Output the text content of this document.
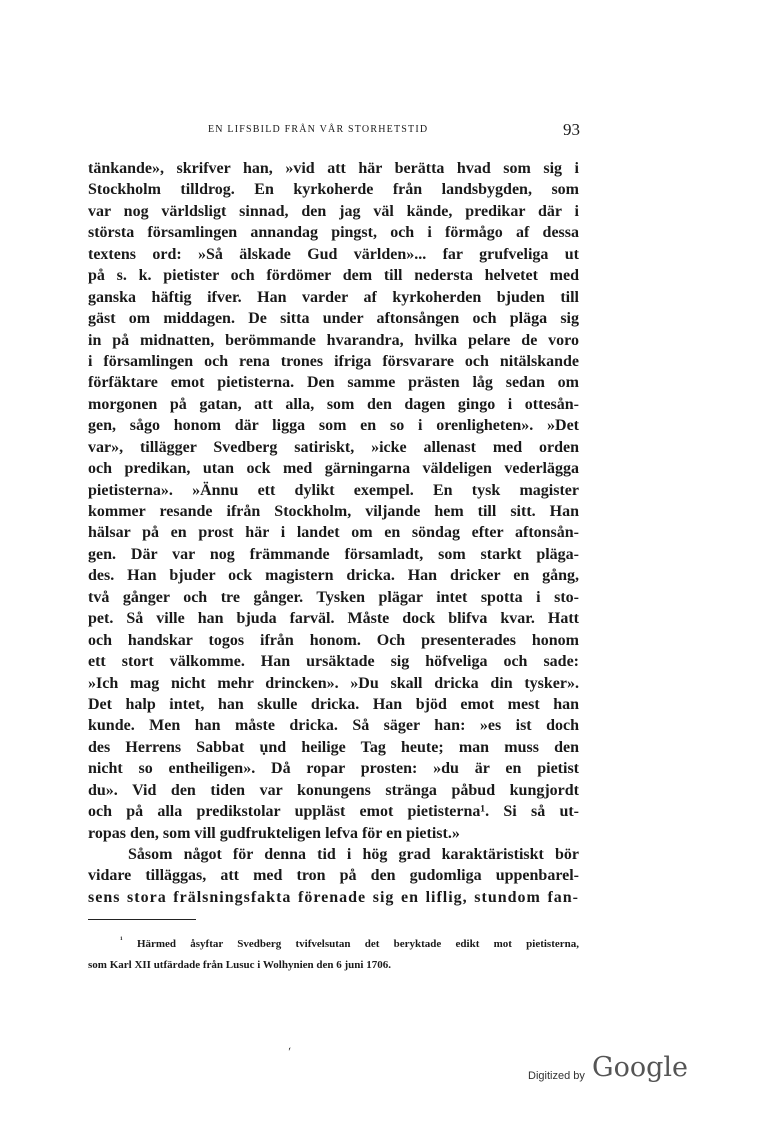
EN LIFSBILD FRÅN VÅR STORHETSTID	93
tänkande», skrifver han, »vid att här berätta hvad som sig i
Stockholm tilldrog. En kyrkoherde från landsbygden, som
var nog världsligt sinnad, den jag väl kände, predikar där i
största församlingen annandag pingst, och i förmågo af dessa
textens ord: »Så älskade Gud världen»... far grufveliga ut
på s. k. pietister och fördömer dem till nedersta helvetet med
ganska häftig ifver. Han varder af kyrkoherden bjuden till
gäst om middagen. De sitta under aftonsången och pläga sig
in på midnatten, berömmande hvarandra, hvilka pelare de voro
i församlingen och rena trones ifriga försvarare och nitälskande
förfäktare emot pietisterna. Den samme prästen låg sedan om
morgonen på gatan, att alla, som den dagen gingo i ottesån-
gen, sågo honom där ligga som en so i orenligheten». »Det
var», tillägger Svedberg satiriskt, »icke allenast med orden
och predikan, utan ock med gärningarna väldeligen vederlägga
pietisterna». »Ännu ett dylikt exempel. En tysk magister
kommer resande ifrån Stockholm, viljande hem till sitt. Han
hälsar på en prost här i landet om en söndag efter aftonsån-
gen. Där var nog främmande församladt, som starkt pläga-
des. Han bjuder ock magistern dricka. Han dricker en gång,
två gånger och tre gånger. Tysken plägar intet spotta i sto-
pet. Så ville han bjuda farväl. Måste dock blifva kvar. Hatt
och handskar togos ifrån honom. Och presenterades honom
ett stort välkomme. Han ursäktade sig höfveliga och sade:
»Ich mag nicht mehr drincken». »Du skall dricka din tysker».
Det halp intet, han skulle dricka. Han bjöd emot mest han
kunde. Men han måste dricka. Så säger han: »es ist doch
des Herrens Sabbat ụnd heilige Tag heute; man muss den
nicht so entheiligen». Då ropar prosten: »du är en pietist
du». Vid den tiden var konungens stränga påbud kungjordt
och på alla predikstolar uppläst emot pietisterna¹. Si så ut-
ropas den, som vill gudfrukteligen lefva för en pietist.»
Såsom något för denna tid i hög grad karaktäristiskt bör
vidare tilläggas, att med tron på den gudomliga uppenbarel-
sens stora frälsningsfakta förenade sig en liflig, stundom fan-
$^{^1}$ Härmed åsyftar Svedberg tvifvelsutan det beryktade edikt mot pietisterna,
som Karl XII utfärdade från Lusuc i Wolhynien den 6 juni 1706.
´
Digitized by Google
